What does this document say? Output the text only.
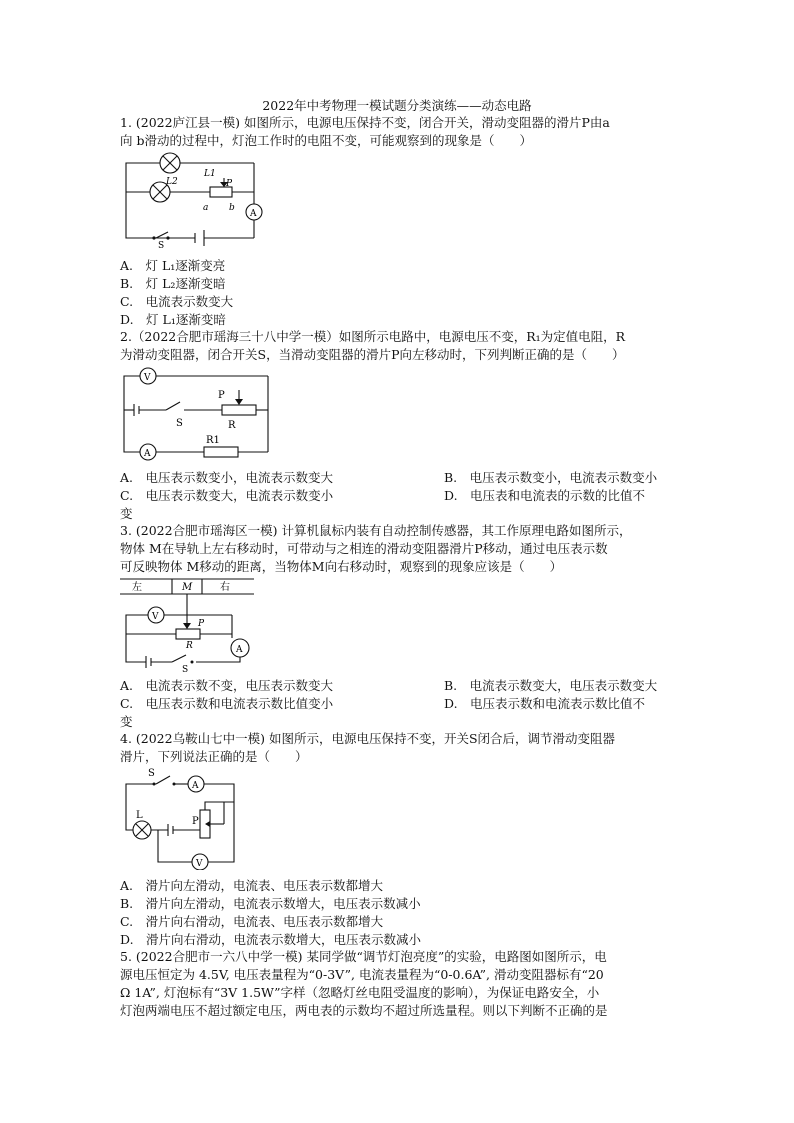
2022年中考物理一模试题分类演练——动态电路
1. (2022庐江县一模) 如图所示，电源电压保持不变，闭合开关，滑动变阻器的滑片P由a
向 b滑动的过程中，灯泡工作时的电阻不变，可能观察到的现象是（　　）
L2
L1
P
a b
A
S
A.　灯 L₁逐渐变亮
B.　灯 L₂逐渐变暗
C.　电流表示数变大
D.　灯 L₁逐渐变暗
2.（2022合肥市瑶海三十八中学一模）如图所示电路中，电源电压不变，R₁为定值电阻，R
为滑动变阻器，闭合开关S，当滑动变阻器的滑片P向左移动时，下列判断正确的是（　　）
V
P
S	R
R1
A
A.　电压表示数变小，电流表示数变大	B.　电压表示数变小，电流表示数变小
C.　电压表示数变大，电流表示数变小	D.　电压表和电流表的示数的比值不
变
3. (2022合肥市瑶海区一模) 计算机鼠标内装有自动控制传感器，其工作原理电路如图所示，
物体 M在导轨上左右移动时，可带动与之相连的滑动变阻器滑片P移动，通过电压表示数
可反映物体 M移动的距离，当物体M向右移动时，观察到的现象应该是（　　）
左	M	右
V
P
R	A
S
A.　电流表示数不变，电压表示数变大	B.　电流表示数变大，电压表示数变大
C.　电压表示数和电流表示数比值变小	D.　电压表示数和电流表示数比值不
变
4. (2022乌鞍山七中一模) 如图所示，电源电压保持不变，开关S闭合后，调节滑动变阻器
滑片，下列说法正确的是（　　）
S
A
L
P
V
A.　滑片向左滑动，电流表、电压表示数都增大
B.　滑片向左滑动，电流表示数增大，电压表示数减小
C.　滑片向右滑动，电流表、电压表示数都增大
D.　滑片向右滑动，电流表示数增大，电压表示数减小
5. (2022合肥市一六八中学一模) 某同学做“调节灯泡亮度”的实验，电路图如图所示，电
源电压恒定为 4.5V, 电压表量程为“0-3V”, 电流表量程为“0-0.6A”, 滑动变阻器标有“20
Ω 1A”, 灯泡标有“3V 1.5W”字样（忽略灯丝电阻受温度的影响），为保证电路安全，小
灯泡两端电压不超过额定电压，两电表的示数均不超过所选量程。则以下判断不正确的是
